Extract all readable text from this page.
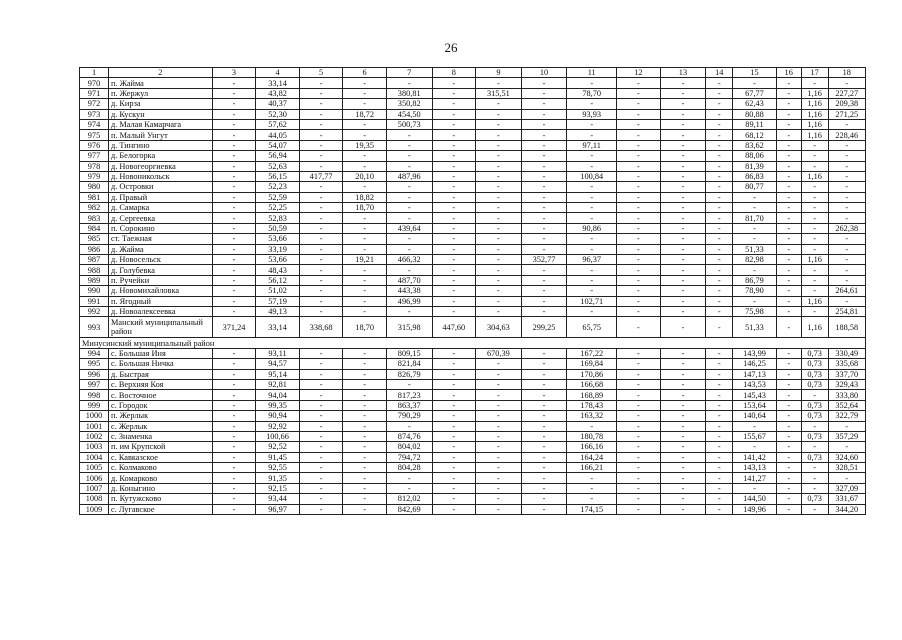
26
1	2	3	4	5	6	7	8	9	10	11	12	13	14	15	16	17	18
970	п. Жайма	-	33,14	-	-	-	-	-	-	-	-	-	-	-	-	-	-
971	п. Жержул	-	43,82	-	-	380,81	-	315,51	-	78,70	-	-	-	67,77	-	1,16	227,27
972	д. Кирза	-	40,37	-	-	350,82	-	-	-	-	-	-	-	62,43	-	1,16	209,38
973	д. Кускун	-	52,30	-	18,72	454,50	-	-	-	93,93	-	-	-	80,88	-	1,16	271,25
974	д. Малая Камарчага	-	57,62	-	-	500,73	-	-	-	-	-	-	-	89,11	-	1,16	-
975	п. Малый Унгут	-	44,05	-	-	-	-	-	-	-	-	-	-	68,12	-	1,16	228,46
976	д. Тингино	-	54,07	-	19,35	-	-	-	-	97,11	-	-	-	83,62	-	-	-
977	д. Белогорка	-	56,94	-	-	-	-	-	-	-	-	-	-	88,06	-	-	-
978	д. Новогеоргиевка	-	52,63	-	-	-	-	-	-	-	-	-	-	81,39	-	-	-
979	д. Новоникольск	-	56,15	417,77	20,10	487,96	-	-	-	100,84	-	-	-	86,83	-	1,16	-
980	д. Островки	-	52,23	-	-	-	-	-	-	-	-	-	-	80,77	-	-	-
981	д. Правый	-	52,59	-	18,82	-	-	-	-	-	-	-	-	-	-	-	-
982	д. Самарка	-	52,25	-	18,70	-	-	-	-	-	-	-	-	-	-	-	-
983	д. Сергеевка	-	52,83	-	-	-	-	-	-	-	-	-	-	81,70	-	-	-
984	п. Сорокино	-	50,59	-	-	439,64	-	-	-	90,86	-	-	-	-	-	-	262,38
985	ст. Таежная	-	53,66	-	-	-	-	-	-	-	-	-	-	-	-	-	-
986	д. Жайма	-	33,19	-	-	-	-	-	-	-	-	-	-	51,33	-	-	-
987	д. Новосельск	-	53,66	-	19,21	466,32	-	-	352,77	96,37	-	-	-	82,98	-	1,16	-
988	д. Голубевка	-	48,43	-	-	-	-	-	-	-	-	-	-	-	-	-	-
989	п. Ручейки	-	56,12	-	-	487,70	-	-	-	-	-	-	-	86,79	-	-	-
990	д. Новомихайловка	-	51,02	-	-	443,38	-	-	-	-	-	-	-	78,90	-	-	264,61
991	п. Ягодный	-	57,19	-	-	496,99	-	-	-	102,71	-	-	-	-	-	1,16	-
992	д. Новоалексеевка	-	49,13	-	-	-	-	-	-	-	-	-	-	75,98	-	-	254,81
993	Манский муниципальный район	371,24	33,14	338,68	18,70	315,98	447,60	304,63	299,25	65,75	-	-	-	51,33	-	1,16	188,58
Минусинский муниципальный район																	
994	с. Большая Иня	-	93,11	-	-	809,15	-	670,39	-	167,22	-	-	-	143,99	-	0,73	330,49
995	с. Большая Ничка	-	94,57	-	-	821,84	-	-	-	169,84	-	-	-	146,25	-	0,73	335,68
996	д. Быстрая	-	95,14	-	-	826,79	-	-	-	170,86	-	-	-	147,13	-	0,73	337,70
997	с. Верхняя Коя	-	92,81	-	-	-	-	-	-	166,68	-	-	-	143,53	-	0,73	329,43
998	с. Восточное	-	94,04	-	-	817,23	-	-	-	168,89	-	-	-	145,43	-	-	333,80
999	с. Городок	-	99,35	-	-	863,37	-	-	-	178,43	-	-	-	153,64	-	0,73	352,64
1000	п. Жерлык	-	90,94	-	-	790,29	-	-	-	163,32	-	-	-	140,64	-	0,73	322,79
1001	с. Жерлык	-	92,92	-	-	-	-	-	-	-	-	-	-	-	-	-	-
1002	с. Знаменка	-	100,66	-	-	874,76	-	-	-	180,78	-	-	-	155,67	-	0,73	357,29
1003	п. им Крупской	-	92,52	-	-	804,02	-	-	-	166,16	-	-	-	-	-	-	-
1004	с. Кавказское	-	91,45	-	-	794,72	-	-	-	164,24	-	-	-	141,42	-	0,73	324,60
1005	с. Колмаково	-	92,55	-	-	804,28	-	-	-	166,21	-	-	-	143,13	-	-	328,51
1006	д. Комарково	-	91,35	-	-	-	-	-	-	-	-	-	-	141,27	-	-	-
1007	д. Коныгино	-	92,15	-	-	-	-	-	-	-	-	-	-	-	-	-	327,09
1008	п. Кутужсково	-	93,44	-	-	812,02	-	-	-	-	-	-	-	144,50	-	0,73	331,67
1009	с. Лугавское	-	96,97	-	-	842,69	-	-	-	174,15	-	-	-	149,96	-	-	344,20
